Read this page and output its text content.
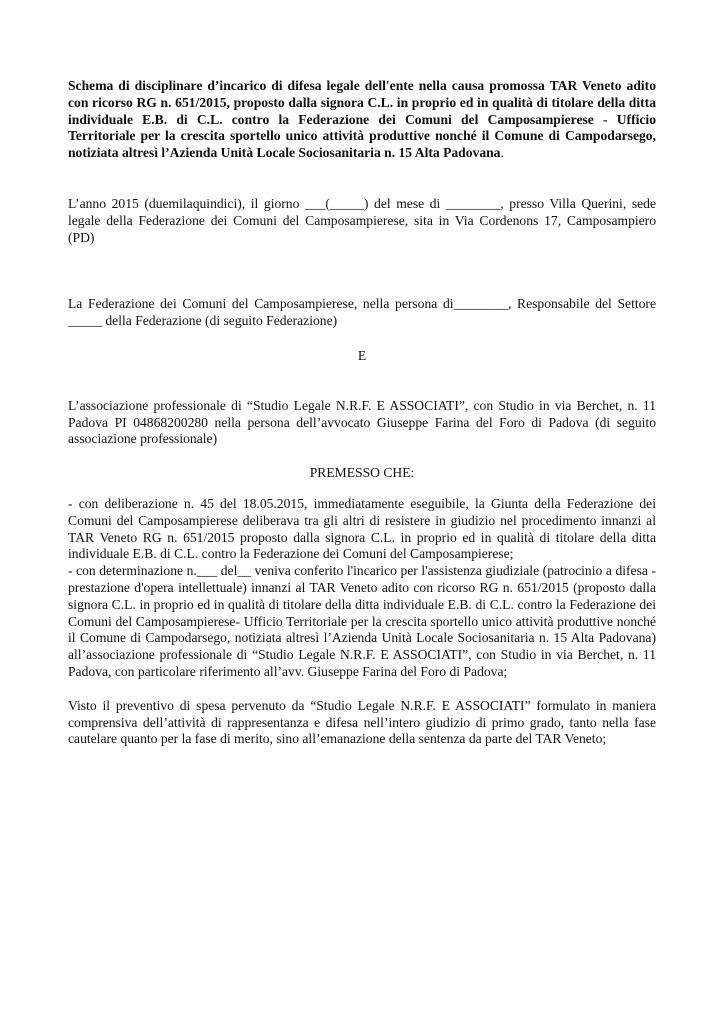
Schema di disciplinare d’incarico di difesa legale dell'ente nella causa promossa TAR Veneto adito con ricorso RG n. 651/2015, proposto dalla signora C.L. in proprio ed in qualità di titolare della ditta individuale E.B. di C.L. contro la Federazione dei Comuni del Camposampierese - Ufficio Territoriale per la crescita sportello unico attività produttive nonché il Comune di Campodarsego, notiziata altresì l’Azienda Unità Locale Sociosanitaria n. 15 Alta Padovana.

L’anno 2015 (duemilaquindici), il giorno ___(_____) del mese di ________, presso Villa Querini, sede legale della Federazione dei Comuni del Camposampierese, sita in Via Cordenons 17, Camposampiero (PD)

La Federazione dei Comuni del Camposampierese, nella persona di________, Responsabile del Settore _____ della Federazione (di seguito Federazione)

E

L’associazione professionale di “Studio Legale N.R.F. E ASSOCIATI”, con Studio in via Berchet, n. 11 Padova PI 04868200280 nella persona dell’avvocato Giuseppe Farina del Foro di Padova (di seguito associazione professionale)

PREMESSO CHE:

- con deliberazione n. 45 del 18.05.2015, immediatamente eseguibile, la Giunta della Federazione dei Comuni del Camposampierese deliberava tra gli altri di resistere in giudizio nel procedimento innanzi al TAR Veneto RG n. 651/2015 proposto dalla signora C.L. in proprio ed in qualità di titolare della ditta individuale E.B. di C.L. contro la Federazione dei Comuni del Camposampierese;

- con determinazione n.___ del__ veniva conferito l'incarico per l'assistenza giudiziale (patrocinio a difesa - prestazione d'opera intellettuale) innanzi al TAR Veneto adito con ricorso RG n. 651/2015 (proposto dalla signora C.L. in proprio ed in qualità di titolare della ditta individuale E.B. di C.L. contro la Federazione dei Comuni del Camposampierese- Ufficio Territoriale per la crescita sportello unico attività produttive nonché il Comune di Campodarsego, notiziata altresì l’Azienda Unità Locale Sociosanitaria n. 15 Alta Padovana) all’associazione professionale di “Studio Legale N.R.F. E ASSOCIATI”, con Studio in via Berchet, n. 11 Padova, con particolare riferimento all’avv. Giuseppe Farina del Foro di Padova;

Visto il preventivo di spesa pervenuto da “Studio Legale N.R.F. E ASSOCIATI” formulato in maniera comprensiva dell’attività di rappresentanza e difesa nell’intero giudizio di primo grado, tanto nella fase cautelare quanto per la fase di merito, sino all’emanazione della sentenza da parte del TAR Veneto;
